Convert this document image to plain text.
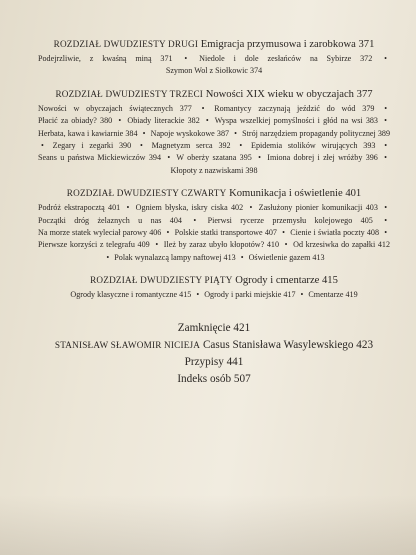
ROZDZIAŁ DWUDZIESTY DRUGI Emigracja przymusowa i zarobkowa 371
Podejrzliwie, z kwaśną miną 371 • Niedole i dole zesłańców na Sybirze 372 • Szymon Wol z Siołkowic 374
ROZDZIAŁ DWUDZIESTY TRZECI Nowości XIX wieku w obyczajach 377
Nowości w obyczajach świątecznych 377 • Romantycy zaczynają jeździć do wód 379 • Płacić za obiady? 380 • Obiady literackie 382 • Wyspa wszelkiej pomyślności i głód na wsi 383 • Herbata, kawa i kawiarnie 384 • Napoje wyskokowe 387 • Strój narzędziem propagandy politycznej 389 • Zegary i zegarki 390 • Magnetyzm serca 392 • Epidemia stolików wirujących 393 • Seans u państwa Mickiewiczów 394 • W oberży szatana 395 • Imiona dobrej i złej wróżby 396 • Kłopoty z nazwiskami 398
ROZDZIAŁ DWUDZIESTY CZWARTY Komunikacja i oświetlenie 401
Podróż ekstrapocztą 401 • Ogniem błyska, iskry ciska 402 • Zasłużony pionier komunikacji 403 • Początki dróg żelaznych u nas 404 • Pierwsi rycerze przemysłu kolejowego 405 • Na morze statek wyleciał parowy 406 • Polskie statki transportowe 407 • Cienie i światła poczty 408 • Pierwsze korzyści z telegrafu 409 • Ileż by zaraz ubyło kłopotów? 410 • Od krzesiwka do zapałki 412 • Polak wynalazcą lampy naftowej 413 • Oświetlenie gazem 413
ROZDZIAŁ DWUDZIESTY PIĄTY Ogrody i cmentarze 415
Ogrody klasyczne i romantyczne 415 • Ogrody i parki miejskie 417 • Cmentarze 419
Zamknięcie 421
STANISŁAW SŁAWOMIR NICIEJA Casus Stanisława Wasylewskiego 423
Przypisy 441
Indeks osób 507
